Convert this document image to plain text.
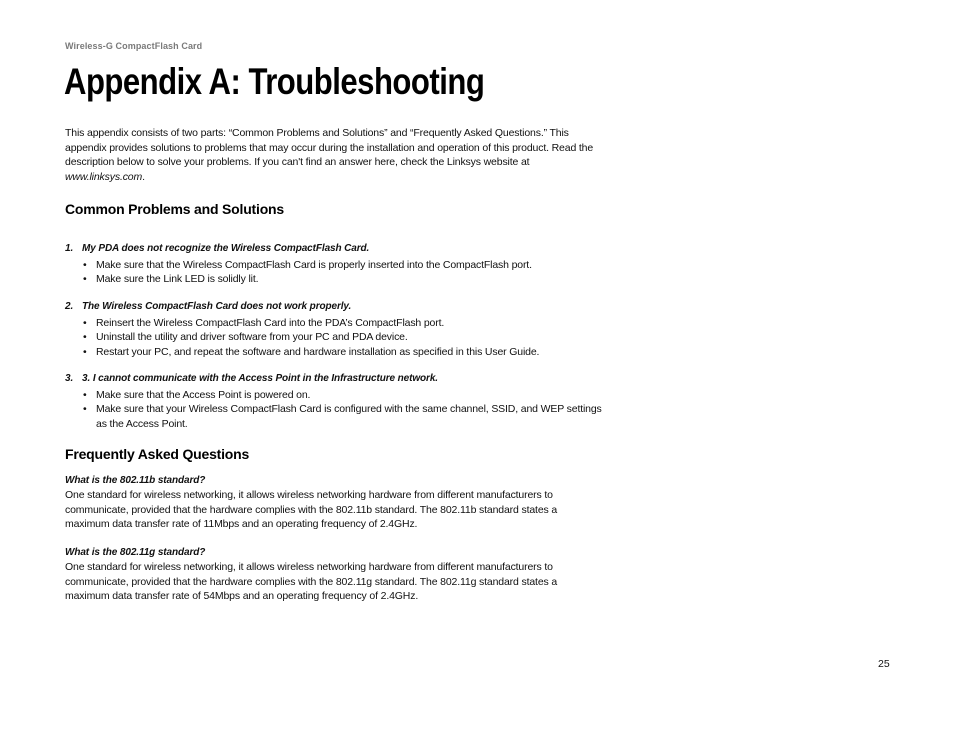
Wireless-G CompactFlash Card
Appendix A: Troubleshooting

This appendix consists of two parts: “Common Problems and Solutions” and “Frequently Asked Questions.” This appendix provides solutions to problems that may occur during the installation and operation of this product. Read the description below to solve your problems. If you can't find an answer here, check the Linksys website at www.linksys.com.

Common Problems and Solutions

1. My PDA does not recognize the Wireless CompactFlash Card.

• Make sure that the Wireless CompactFlash Card is properly inserted into the CompactFlash port.
• Make sure the Link LED is solidly lit.

2. The Wireless CompactFlash Card does not work properly.

• Reinsert the Wireless CompactFlash Card into the PDA’s CompactFlash port.
• Uninstall the utility and driver software from your PC and PDA device.
• Restart your PC, and repeat the software and hardware installation as specified in this User Guide.

3. 3. I cannot communicate with the Access Point in the Infrastructure network.

• Make sure that the Access Point is powered on.
• Make sure that your Wireless CompactFlash Card is configured with the same channel, SSID, and WEP settings as the Access Point.
Frequently Asked Questions

What is the 802.11b standard?

One standard for wireless networking, it allows wireless networking hardware from different manufacturers to communicate, provided that the hardware complies with the 802.11b standard. The 802.11b standard states a maximum data transfer rate of 11Mbps and an operating frequency of 2.4GHz.

What is the 802.11g standard?

One standard for wireless networking, it allows wireless networking hardware from different manufacturers to communicate, provided that the hardware complies with the 802.11g standard. The 802.11g standard states a maximum data transfer rate of 54Mbps and an operating frequency of 2.4GHz.

25
